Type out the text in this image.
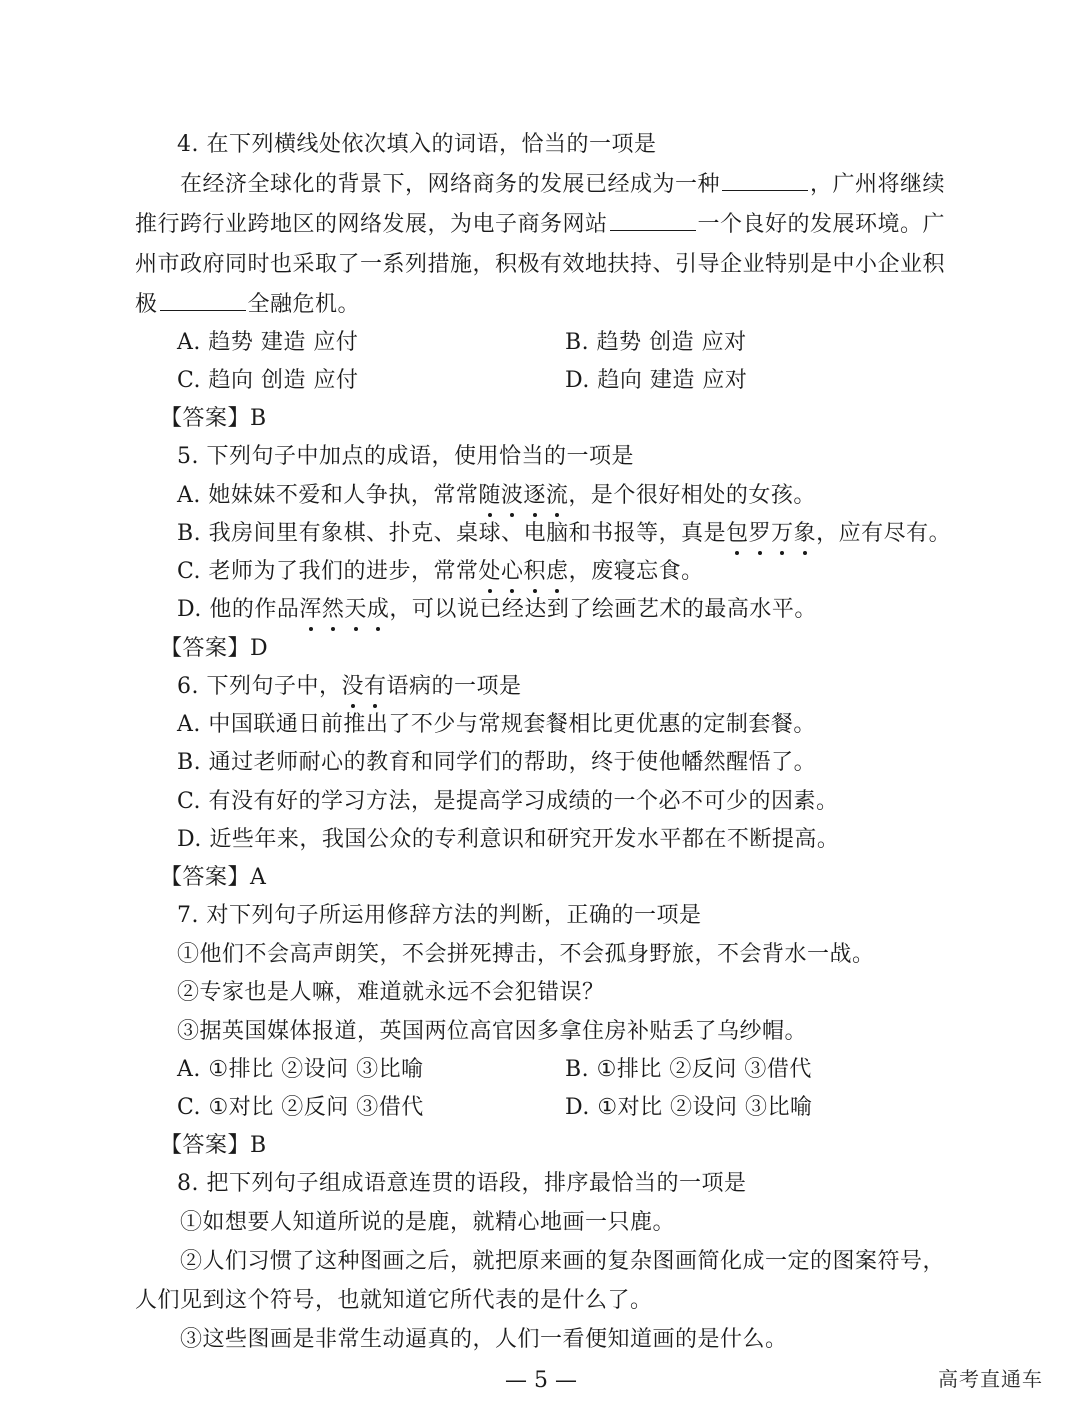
4. 在下列横线处依次填入的词语，恰当的一项是
在经济全球化的背景下，网络商务的发展已经成为一种	，广州将继续
推行跨行业跨地区的网络发展，为电子商务网站	一个良好的发展环境。广
州市政府同时也采取了一系列措施，积极有效地扶持、引导企业特别是中小企业积
极	全融危机。
A. 趋势 建造 应付	B. 趋势 创造 应对
C. 趋向 创造 应付	D. 趋向 建造 应对
【答案】B
5. 下列句子中加点的成语，使用恰当的一项是
A. 她妹妹不爱和人争执，常常随波逐流
，是个很好相处的女孩。
B. 我房间里有象棋、扑克、桌球、电脑和书报等，真是包罗万象
，应有尽有。
C. 老师为了我们的进步，常常处心积虑
，废寝忘食。
D. 他的作品浑然天成
，可以说已经达到了绘画艺术的最高水平。
【答案】D
6. 下列句子中，没有
语病的一项是
A. 中国联通日前推出了不少与常规套餐相比更优惠的定制套餐。
B. 通过老师耐心的教育和同学们的帮助，终于使他幡然醒悟了。
C. 有没有好的学习方法，是提高学习成绩的一个必不可少的因素。
D. 近些年来，我国公众的专利意识和研究开发水平都在不断提高。
【答案】A
7. 对下列句子所运用修辞方法的判断，正确的一项是
①他们不会高声朗笑，不会拼死搏击，不会孤身野旅，不会背水一战。
②专家也是人嘛，难道就永远不会犯错误？
③据英国媒体报道，英国两位高官因多拿住房补贴丢了乌纱帽。
A. ①排比 ②设问 ③比喻	B. ①排比 ②反问 ③借代
C. ①对比 ②反问 ③借代	D. ①对比 ②设问 ③比喻
【答案】B
8. 把下列句子组成语意连贯的语段，排序最恰当的一项是
①如想要人知道所说的是鹿，就精心地画一只鹿。
②人们习惯了这种图画之后，就把原来画的复杂图画简化成一定的图案符号，
人们见到这个符号，也就知道它所代表的是什么了。
③这些图画是非常生动逼真的，人们一看便知道画的是什么。
— 5 —	高考直通车
